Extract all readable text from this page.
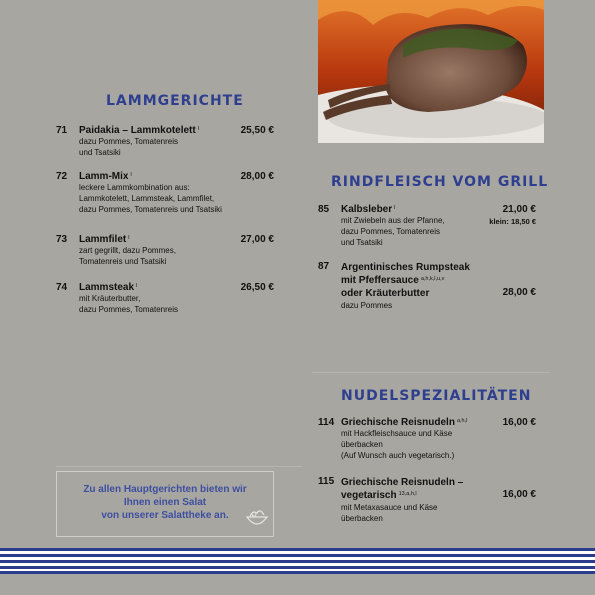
LAMMGERICHTE
71 Paidakia – Lammkotelett $^l$
dazu Pommes, Tomatenreis
und Tsatsiki
25,50 €
72 Lamm-Mix $^l$
leckere Lammkombination aus:
Lammkotelett, Lammsteak, Lammfilet,
dazu Pommes, Tomatenreis und Tsatsiki
28,00 €
73 Lammfilet $^l$
zart gegrillt, dazu Pommes,
Tomatenreis und Tsatsiki
27,00 €
74 Lammsteak $^l$
mit Kräuterbutter,
dazu Pommes, Tomatenreis
26,50 €
Zu allen Hauptgerichten bieten wir
Ihnen einen Salat
von unserer Salattheke an.
RINDFLEISCH VOM GRILL
85 Kalbsleber $^l$
mit Zwiebeln aus der Pfanne,
dazu Pommes, Tomatenreis
und Tsatsiki
21,00 €
klein: 18,50 €
87 Argentinisches Rumpsteak
mit Pfeffersauce $^{a,h,k,l,u,v}$
oder Kräuterbutter
dazu Pommes
28,00 €
NUDELSPEZIALITÄTEN
114 Griechische Reisnudeln $^{a,h,l}$
mit Hackfleischsauce und Käse
überbacken
(Auf Wunsch auch vegetarisch.)
16,00 €
115 Griechische Reisnudeln –
vegetarisch $^{13,a,h,l}$
mit Metaxasauce und Käse
überbacken
16,00 €
